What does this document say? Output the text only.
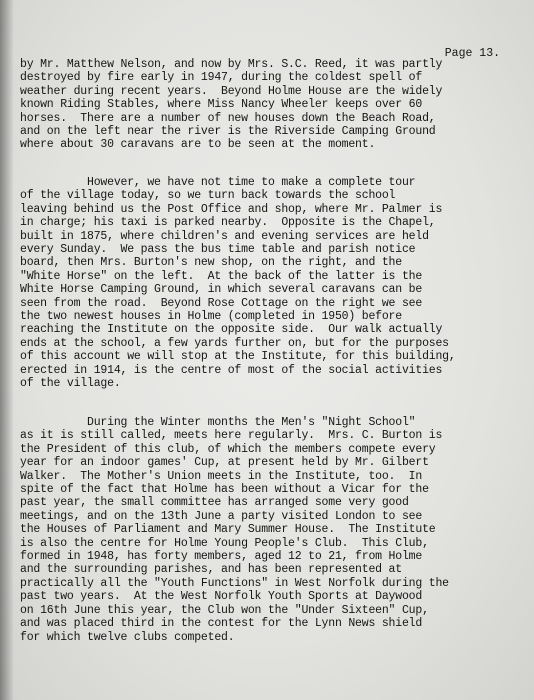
Page 13.
by Mr. Matthew Nelson, and now by Mrs. S.C. Reed, it was partly
destroyed by fire early in 1947, during the coldest spell of
weather during recent years.  Beyond Holme House are the widely
known Riding Stables, where Miss Nancy Wheeler keeps over 60
horses.  There are a number of new houses down the Beach Road,
and on the left near the river is the Riverside Camping Ground
where about 30 caravans are to be seen at the moment.
However, we have not time to make a complete tour
of the village today, so we turn back towards the school
leaving behind us the Post Office and shop, where Mr. Palmer is
in charge; his taxi is parked nearby.  Opposite is the Chapel,
built in 1875, where children's and evening services are held
every Sunday.  We pass the bus time table and parish notice
board, then Mrs. Burton's new shop, on the right, and the
"White Horse" on the left.  At the back of the latter is the
White Horse Camping Ground, in which several caravans can be
seen from the road.  Beyond Rose Cottage on the right we see
the two newest houses in Holme (completed in 1950) before
reaching the Institute on the opposite side.  Our walk actually
ends at the school, a few yards further on, but for the purposes
of this account we will stop at the Institute, for this building,
erected in 1914, is the centre of most of the social activities
of the village.
During the Winter months the Men's "Night School"
as it is still called, meets here regularly.  Mrs. C. Burton is
the President of this club, of which the members compete every
year for an indoor games' Cup, at present held by Mr. Gilbert
Walker.  The Mother's Union meets in the Institute, too.  In
spite of the fact that Holme has been without a Vicar for the
past year, the small committee has arranged some very good
meetings, and on the 13th June a party visited London to see
the Houses of Parliament and Mary Summer House.  The Institute
is also the centre for Holme Young People's Club.  This Club,
formed in 1948, has forty members, aged 12 to 21, from Holme
and the surrounding parishes, and has been represented at
practically all the "Youth Functions" in West Norfolk during the
past two years.  At the West Norfolk Youth Sports at Daywood
on 16th June this year, the Club won the "Under Sixteen" Cup,
and was placed third in the contest for the Lynn News shield
for which twelve clubs competed.
